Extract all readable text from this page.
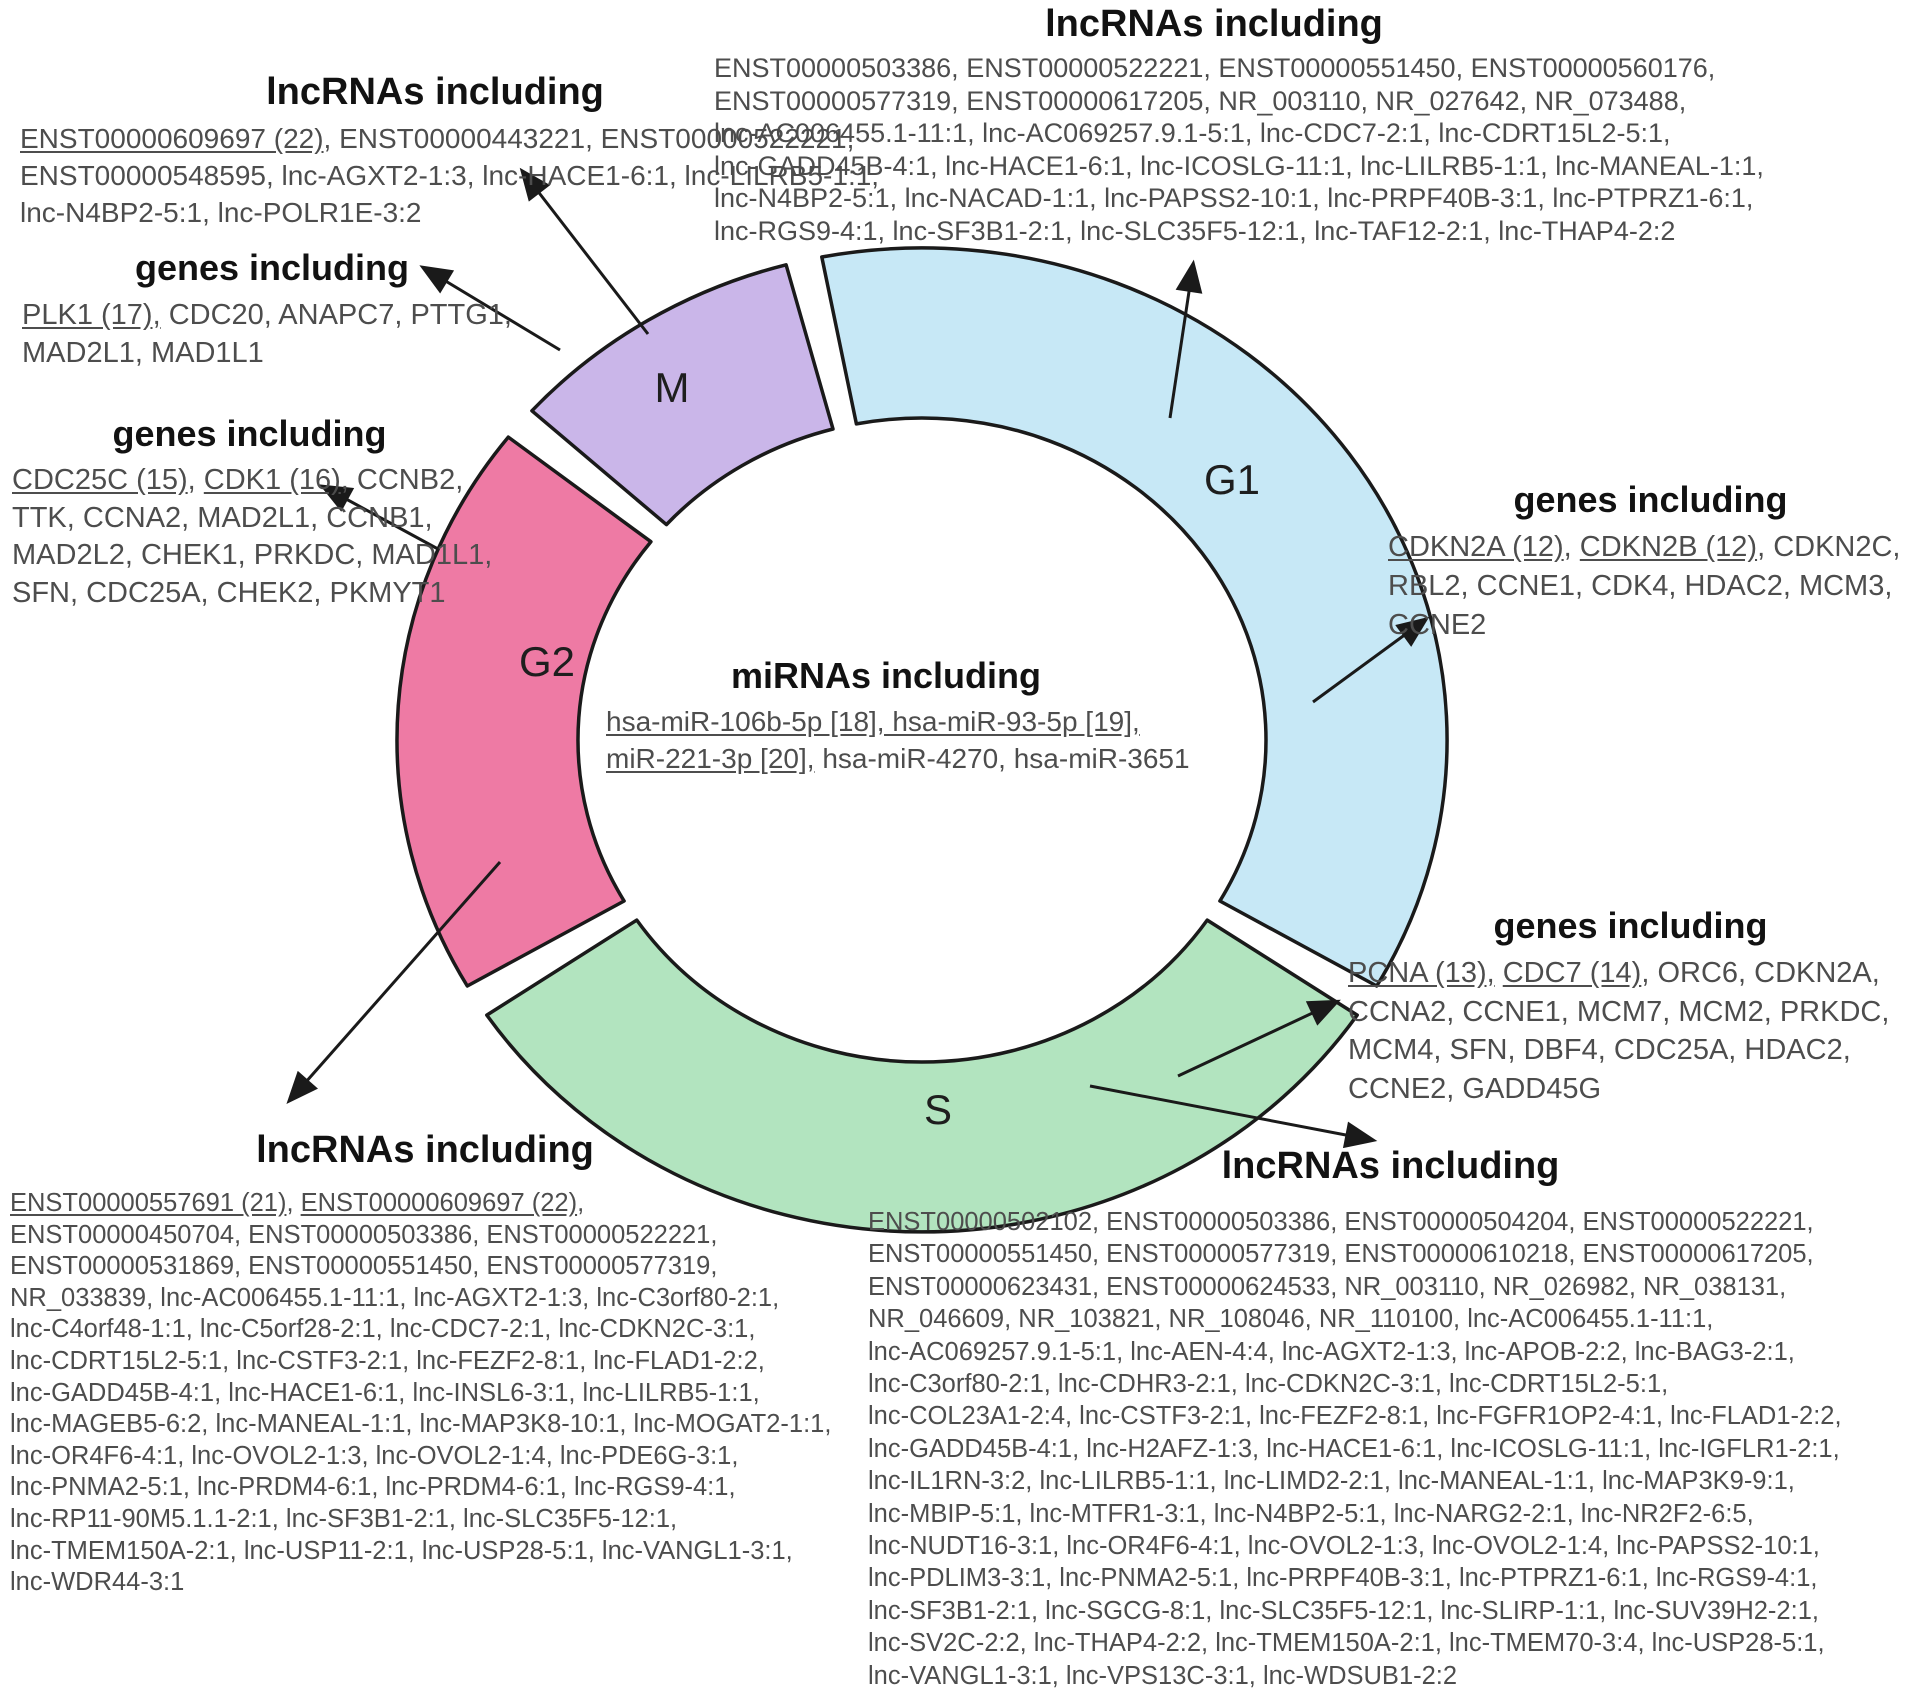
G1
M
G2
S
lncRNAs including
ENST00000503386, ENST00000522221, ENST00000551450, ENST00000560176,
ENST00000577319, ENST00000617205, NR_003110, NR_027642, NR_073488,
lnc-AC006455.1-11:1, lnc-AC069257.9.1-5:1, lnc-CDC7-2:1, lnc-CDRT15L2-5:1,
lnc-GADD45B-4:1, lnc-HACE1-6:1, lnc-ICOSLG-11:1, lnc-LILRB5-1:1, lnc-MANEAL-1:1,
lnc-N4BP2-5:1, lnc-NACAD-1:1, lnc-PAPSS2-10:1, lnc-PRPF40B-3:1, lnc-PTPRZ1-6:1,
lnc-RGS9-4:1, lnc-SF3B1-2:1, lnc-SLC35F5-12:1, lnc-TAF12-2:1, lnc-THAP4-2:2
lncRNAs including
ENST00000609697 (22), ENST00000443221, ENST00000522221,
ENST00000548595, lnc-AGXT2-1:3, lnc-HACE1-6:1, lnc-LILRB5-1:1,
lnc-N4BP2-5:1, lnc-POLR1E-3:2
genes including
PLK1 (17), CDC20, ANAPC7, PTTG1,
MAD2L1, MAD1L1
genes including
CDC25C (15), CDK1 (16), CCNB2,
TTK, CCNA2, MAD2L1, CCNB1,
MAD2L2, CHEK1, PRKDC, MAD1L1,
SFN, CDC25A, CHEK2, PKMYT1
miRNAs including
hsa-miR-106b-5p [18], hsa-miR-93-5p [19],
miR-221-3p [20], hsa-miR-4270, hsa-miR-3651
genes including
CDKN2A (12), CDKN2B (12), CDKN2C,
RBL2, CCNE1, CDK4, HDAC2, MCM3,
CCNE2
genes including
PCNA (13), CDC7 (14), ORC6, CDKN2A,
CCNA2, CCNE1, MCM7, MCM2, PRKDC,
MCM4, SFN, DBF4, CDC25A, HDAC2,
CCNE2, GADD45G
lncRNAs including
ENST00000557691 (21), ENST00000609697 (22),
ENST00000450704, ENST00000503386, ENST00000522221,
ENST00000531869, ENST00000551450, ENST00000577319,
NR_033839, lnc-AC006455.1-11:1, lnc-AGXT2-1:3, lnc-C3orf80-2:1,
lnc-C4orf48-1:1, lnc-C5orf28-2:1, lnc-CDC7-2:1, lnc-CDKN2C-3:1,
lnc-CDRT15L2-5:1, lnc-CSTF3-2:1, lnc-FEZF2-8:1, lnc-FLAD1-2:2,
lnc-GADD45B-4:1, lnc-HACE1-6:1, lnc-INSL6-3:1, lnc-LILRB5-1:1,
lnc-MAGEB5-6:2, lnc-MANEAL-1:1, lnc-MAP3K8-10:1, lnc-MOGAT2-1:1,
lnc-OR4F6-4:1, lnc-OVOL2-1:3, lnc-OVOL2-1:4, lnc-PDE6G-3:1,
lnc-PNMA2-5:1, lnc-PRDM4-6:1, lnc-PRDM4-6:1, lnc-RGS9-4:1,
lnc-RP11-90M5.1.1-2:1, lnc-SF3B1-2:1, lnc-SLC35F5-12:1,
lnc-TMEM150A-2:1, lnc-USP11-2:1, lnc-USP28-5:1, lnc-VANGL1-3:1,
lnc-WDR44-3:1
lncRNAs including
ENST00000502102, ENST00000503386, ENST00000504204, ENST00000522221,
ENST00000551450, ENST00000577319, ENST00000610218, ENST00000617205,
ENST00000623431, ENST00000624533, NR_003110, NR_026982, NR_038131,
NR_046609, NR_103821, NR_108046, NR_110100, lnc-AC006455.1-11:1,
lnc-AC069257.9.1-5:1, lnc-AEN-4:4, lnc-AGXT2-1:3, lnc-APOB-2:2, lnc-BAG3-2:1,
lnc-C3orf80-2:1, lnc-CDHR3-2:1, lnc-CDKN2C-3:1, lnc-CDRT15L2-5:1,
lnc-COL23A1-2:4, lnc-CSTF3-2:1, lnc-FEZF2-8:1, lnc-FGFR1OP2-4:1, lnc-FLAD1-2:2,
lnc-GADD45B-4:1, lnc-H2AFZ-1:3, lnc-HACE1-6:1, lnc-ICOSLG-11:1, lnc-IGFLR1-2:1,
lnc-IL1RN-3:2, lnc-LILRB5-1:1, lnc-LIMD2-2:1, lnc-MANEAL-1:1, lnc-MAP3K9-9:1,
lnc-MBIP-5:1, lnc-MTFR1-3:1, lnc-N4BP2-5:1, lnc-NARG2-2:1, lnc-NR2F2-6:5,
lnc-NUDT16-3:1, lnc-OR4F6-4:1, lnc-OVOL2-1:3, lnc-OVOL2-1:4, lnc-PAPSS2-10:1,
lnc-PDLIM3-3:1, lnc-PNMA2-5:1, lnc-PRPF40B-3:1, lnc-PTPRZ1-6:1, lnc-RGS9-4:1,
lnc-SF3B1-2:1, lnc-SGCG-8:1, lnc-SLC35F5-12:1, lnc-SLIRP-1:1, lnc-SUV39H2-2:1,
lnc-SV2C-2:2, lnc-THAP4-2:2, lnc-TMEM150A-2:1, lnc-TMEM70-3:4, lnc-USP28-5:1,
lnc-VANGL1-3:1, lnc-VPS13C-3:1, lnc-WDSUB1-2:2
